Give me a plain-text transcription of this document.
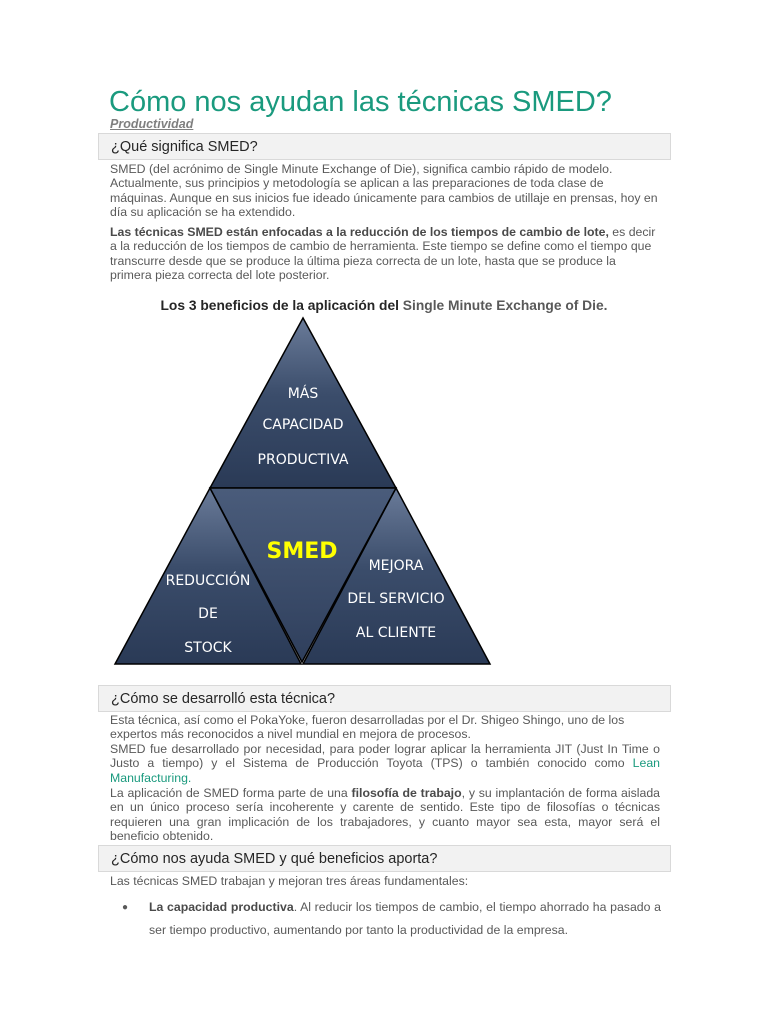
Cómo nos ayudan las técnicas SMED?
Productividad
¿Qué significa SMED?
SMED (del acrónimo de Single Minute Exchange of Die), significa cambio rápido de modelo. Actualmente, sus principios y metodología se aplican a las preparaciones de toda clase de máquinas. Aunque en sus inicios fue ideado únicamente para cambios de utillaje en prensas, hoy en día su aplicación se ha extendido.
Las técnicas SMED están enfocadas a la reducción de los tiempos de cambio de lote, es decir a la reducción de los tiempos de cambio de herramienta. Este tiempo se define como el tiempo que transcurre desde que se produce la última pieza correcta de un lote, hasta que se produce la primera pieza correcta del lote posterior.
Los 3 beneficios de la aplicación del Single Minute Exchange of Die.
MÁS
CAPACIDAD
PRODUCTIVA
REDUCCIÓN
DE
STOCK
MEJORA
DEL SERVICIO
AL CLIENTE
SMED
¿Cómo se desarrolló esta técnica?
Esta técnica, así como el PokaYoke, fueron desarrolladas por el Dr. Shigeo Shingo, uno de los expertos más reconocidos a nivel mundial en mejora de procesos.
SMED fue desarrollado por necesidad, para poder lograr aplicar la herramienta JIT (Just In Time o Justo a tiempo) y el Sistema de Producción Toyota (TPS) o también conocido como Lean Manufacturing.
La aplicación de SMED forma parte de una filosofía de trabajo, y su implantación de forma aislada en un único proceso sería incoherente y carente de sentido. Este tipo de filosofías o técnicas requieren una gran implicación de los trabajadores, y cuanto mayor sea esta, mayor será el beneficio obtenido.
¿Cómo nos ayuda SMED y qué beneficios aporta?
Las técnicas SMED trabajan y mejoran tres áreas fundamentales:
● La capacidad productiva. Al reducir los tiempos de cambio, el tiempo ahorrado ha pasado a ser tiempo productivo, aumentando por tanto la productividad de la empresa.
